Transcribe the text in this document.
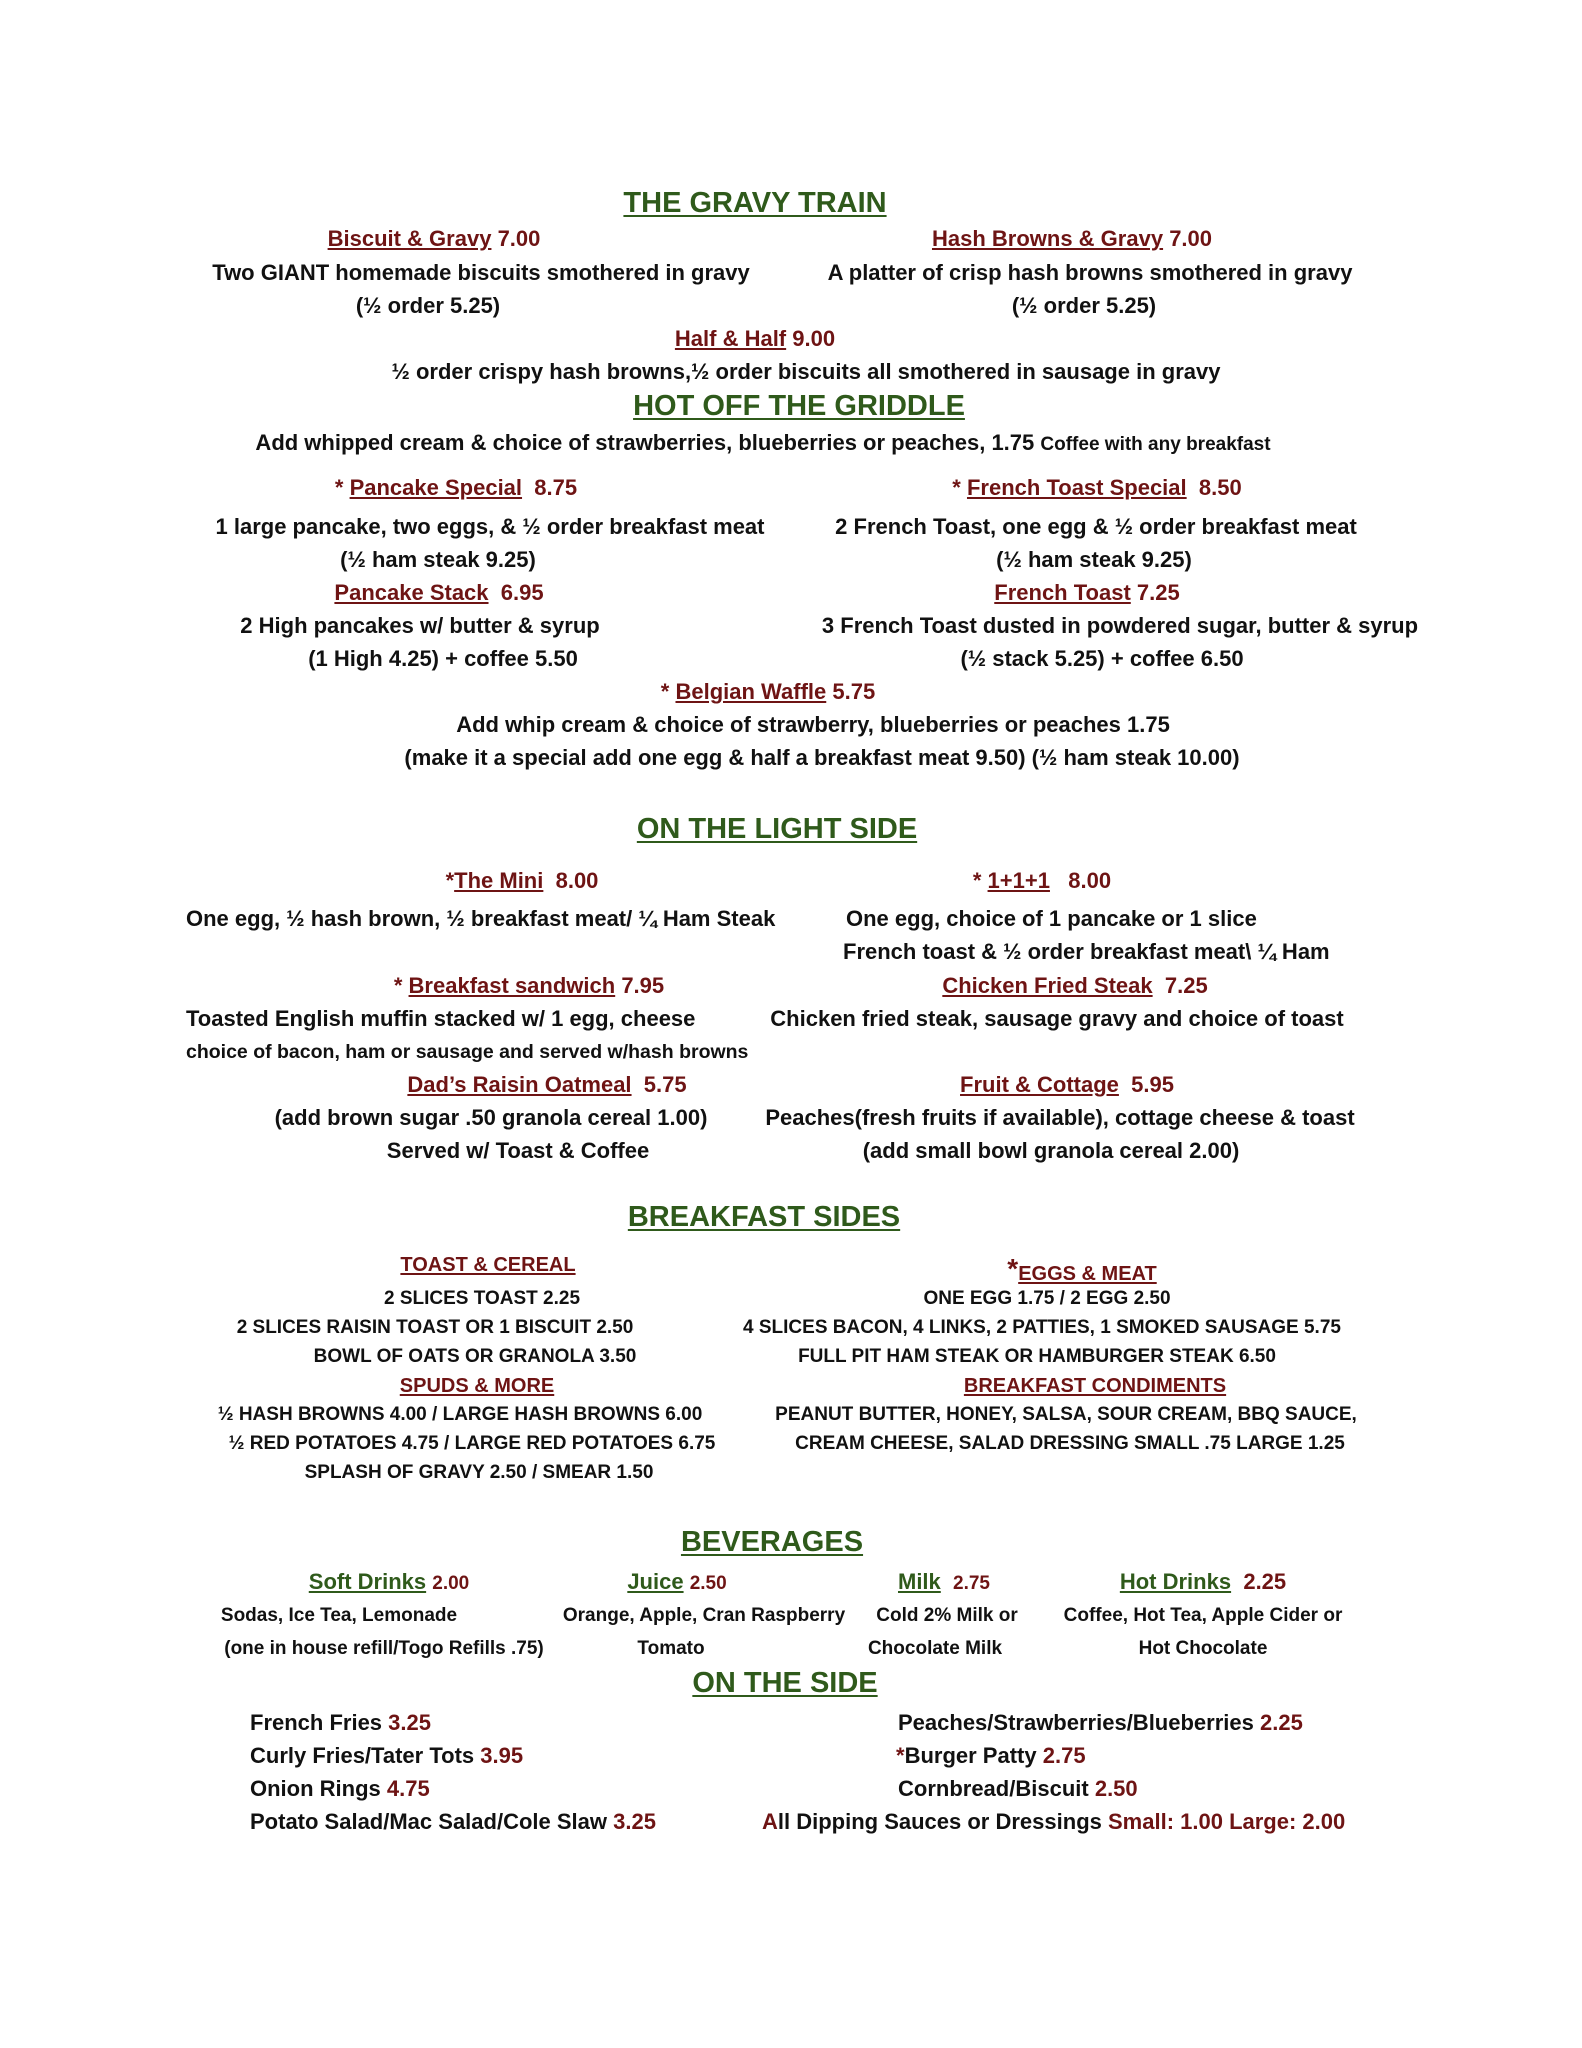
THE GRAVY TRAIN
Biscuit & Gravy 7.00
Two GIANT homemade biscuits smothered in gravy
(½ order 5.25)
Hash Browns & Gravy 7.00
A platter of crisp hash browns smothered in gravy
(½ order 5.25)
Half & Half 9.00
½ order crispy hash browns,½ order biscuits all smothered in sausage in gravy
HOT OFF THE GRIDDLE
Add whipped cream & choice of strawberries, blueberries or peaches, 1.75 Coffee with any breakfast
* Pancake Special 8.75
1 large pancake, two eggs, & ½ order breakfast meat
(½ ham steak 9.25)
* French Toast Special 8.50
2 French Toast, one egg & ½ order breakfast meat
(½ ham steak 9.25)
Pancake Stack 6.95
2 High pancakes w/ butter & syrup
(1 High 4.25) + coffee 5.50
French Toast 7.25
3 French Toast dusted in powdered sugar, butter & syrup
(½ stack 5.25) + coffee 6.50
* Belgian Waffle 5.75
Add whip cream & choice of strawberry, blueberries or peaches 1.75
(make it a special add one egg & half a breakfast meat 9.50) (½ ham steak 10.00)
ON THE LIGHT SIDE
*The Mini 8.00
One egg, ½ hash brown, ½ breakfast meat/ ¼ Ham Steak
* 1+1+1 8.00
One egg, choice of 1 pancake or 1 slice
French toast & ½ order breakfast meat\ ¼ Ham
* Breakfast sandwich 7.95
Toasted English muffin stacked w/ 1 egg, cheese
choice of bacon, ham or sausage and served w/hash browns
Chicken Fried Steak 7.25
Chicken fried steak, sausage gravy and choice of toast
Dad’s Raisin Oatmeal 5.75
(add brown sugar .50 granola cereal 1.00)
Served w/ Toast & Coffee
Fruit & Cottage 5.95
Peaches(fresh fruits if available), cottage cheese & toast
(add small bowl granola cereal 2.00)
BREAKFAST SIDES
TOAST & CEREAL
2 SLICES TOAST 2.25
2 SLICES RAISIN TOAST OR 1 BISCUIT 2.50
BOWL OF OATS OR GRANOLA 3.50
*EGGS & MEAT
ONE EGG 1.75 / 2 EGG 2.50
4 SLICES BACON, 4 LINKS, 2 PATTIES, 1 SMOKED SAUSAGE 5.75
FULL PIT HAM STEAK OR HAMBURGER STEAK 6.50
SPUDS & MORE
½ HASH BROWNS 4.00 / LARGE HASH BROWNS 6.00
½ RED POTATOES 4.75 / LARGE RED POTATOES 6.75
SPLASH OF GRAVY 2.50 / SMEAR 1.50
BREAKFAST CONDIMENTS
PEANUT BUTTER, HONEY, SALSA, SOUR CREAM, BBQ SAUCE,
CREAM CHEESE, SALAD DRESSING SMALL .75 LARGE 1.25
BEVERAGES
Soft Drinks 2.00
Sodas, Ice Tea, Lemonade
(one in house refill/Togo Refills .75)
Juice 2.50
Orange, Apple, Cran Raspberry
Tomato
Milk 2.75
Cold 2% Milk or
Chocolate Milk
Hot Drinks 2.25
Coffee, Hot Tea, Apple Cider or
Hot Chocolate
ON THE SIDE
French Fries 3.25
Curly Fries/Tater Tots 3.95
Onion Rings 4.75
Potato Salad/Mac Salad/Cole Slaw 3.25
Peaches/Strawberries/Blueberries 2.25
*Burger Patty 2.75
Cornbread/Biscuit 2.50
All Dipping Sauces or Dressings Small: 1.00 Large: 2.00
